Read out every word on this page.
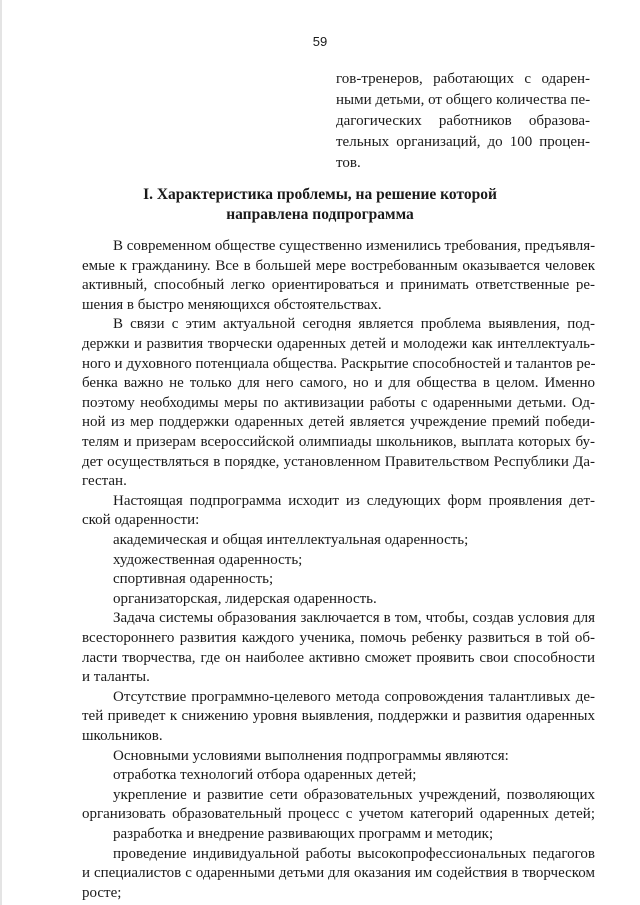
59
гов-тренеров, работающих с одарен-
ными детьми, от общего количества пе-
дагогических работников образова-
тельных организаций, до 100 процен-
тов.
I. Характеристика проблемы, на решение которой
направлена подпрограмма
В современном обществе существенно изменились требования, предъявля-
емые к гражданину. Все в большей мере востребованным оказывается человек
активный, способный легко ориентироваться и принимать ответственные ре-
шения в быстро меняющихся обстоятельствах.
В связи с этим актуальной сегодня является проблема выявления, под-
держки и развития творчески одаренных детей и молодежи как интеллектуаль-
ного и духовного потенциала общества. Раскрытие способностей и талантов ре-
бенка важно не только для него самого, но и для общества в целом. Именно
поэтому необходимы меры по активизации работы с одаренными детьми. Од-
ной из мер поддержки одаренных детей является учреждение премий победи-
телям и призерам всероссийской олимпиады школьников, выплата которых бу-
дет осуществляться в порядке, установленном Правительством Республики Да-
гестан.
Настоящая подпрограмма исходит из следующих форм проявления дет-
ской одаренности:
академическая и общая интеллектуальная одаренность;
художественная одаренность;
спортивная одаренность;
организаторская, лидерская одаренность.
Задача системы образования заключается в том, чтобы, создав условия для
всестороннего развития каждого ученика, помочь ребенку развиться в той об-
ласти творчества, где он наиболее активно сможет проявить свои способности
и таланты.
Отсутствие программно-целевого метода сопровождения талантливых де-
тей приведет к снижению уровня выявления, поддержки и развития одаренных
школьников.
Основными условиями выполнения подпрограммы являются:
отработка технологий отбора одаренных детей;
укрепление и развитие сети образовательных учреждений, позволяющих
организовать образовательный процесс с учетом категорий одаренных детей;
разработка и внедрение развивающих программ и методик;
проведение индивидуальной работы высокопрофессиональных педагогов
и специалистов с одаренными детьми для оказания им содействия в творческом
росте;
